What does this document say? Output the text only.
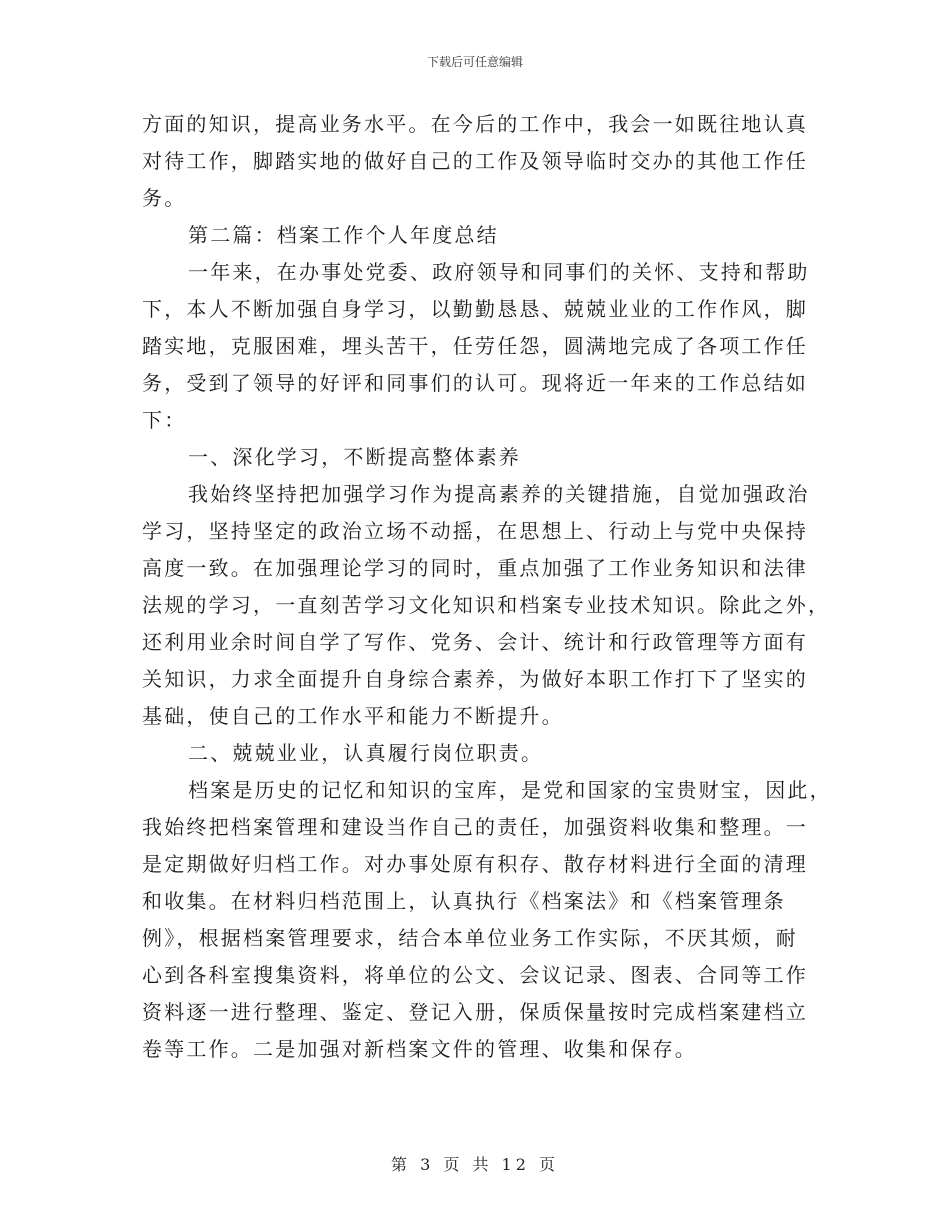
下载后可任意编辑
方面的知识，提高业务水平。在今后的工作中，我会一如既往地认真
对待工作，脚踏实地的做好自己的工作及领导临时交办的其他工作任
务。
第二篇：档案工作个人年度总结
一年来，在办事处党委、政府领导和同事们的关怀、支持和帮助
下，本人不断加强自身学习，以勤勤恳恳、兢兢业业的工作作风，脚
踏实地，克服困难，埋头苦干，任劳任怨，圆满地完成了各项工作任
务，受到了领导的好评和同事们的认可。现将近一年来的工作总结如
下：
一、深化学习，不断提高整体素养
我始终坚持把加强学习作为提高素养的关键措施，自觉加强政治
学习，坚持坚定的政治立场不动摇，在思想上、行动上与党中央保持
高度一致。在加强理论学习的同时，重点加强了工作业务知识和法律
法规的学习，一直刻苦学习文化知识和档案专业技术知识。除此之外，
还利用业余时间自学了写作、党务、会计、统计和行政管理等方面有
关知识，力求全面提升自身综合素养，为做好本职工作打下了坚实的
基础，使自己的工作水平和能力不断提升。
二、兢兢业业，认真履行岗位职责。
档案是历史的记忆和知识的宝库，是党和国家的宝贵财宝，因此，
我始终把档案管理和建设当作自己的责任，加强资料收集和整理。一
是定期做好归档工作。对办事处原有积存、散存材料进行全面的清理
和收集。在材料归档范围上，认真执行《档案法》和《档案管理条
例》，根据档案管理要求，结合本单位业务工作实际，不厌其烦，耐
心到各科室搜集资料，将单位的公文、会议记录、图表、合同等工作
资料逐一进行整理、鉴定、登记入册，保质保量按时完成档案建档立
卷等工作。二是加强对新档案文件的管理、收集和保存。
第 3 页 共 12 页
